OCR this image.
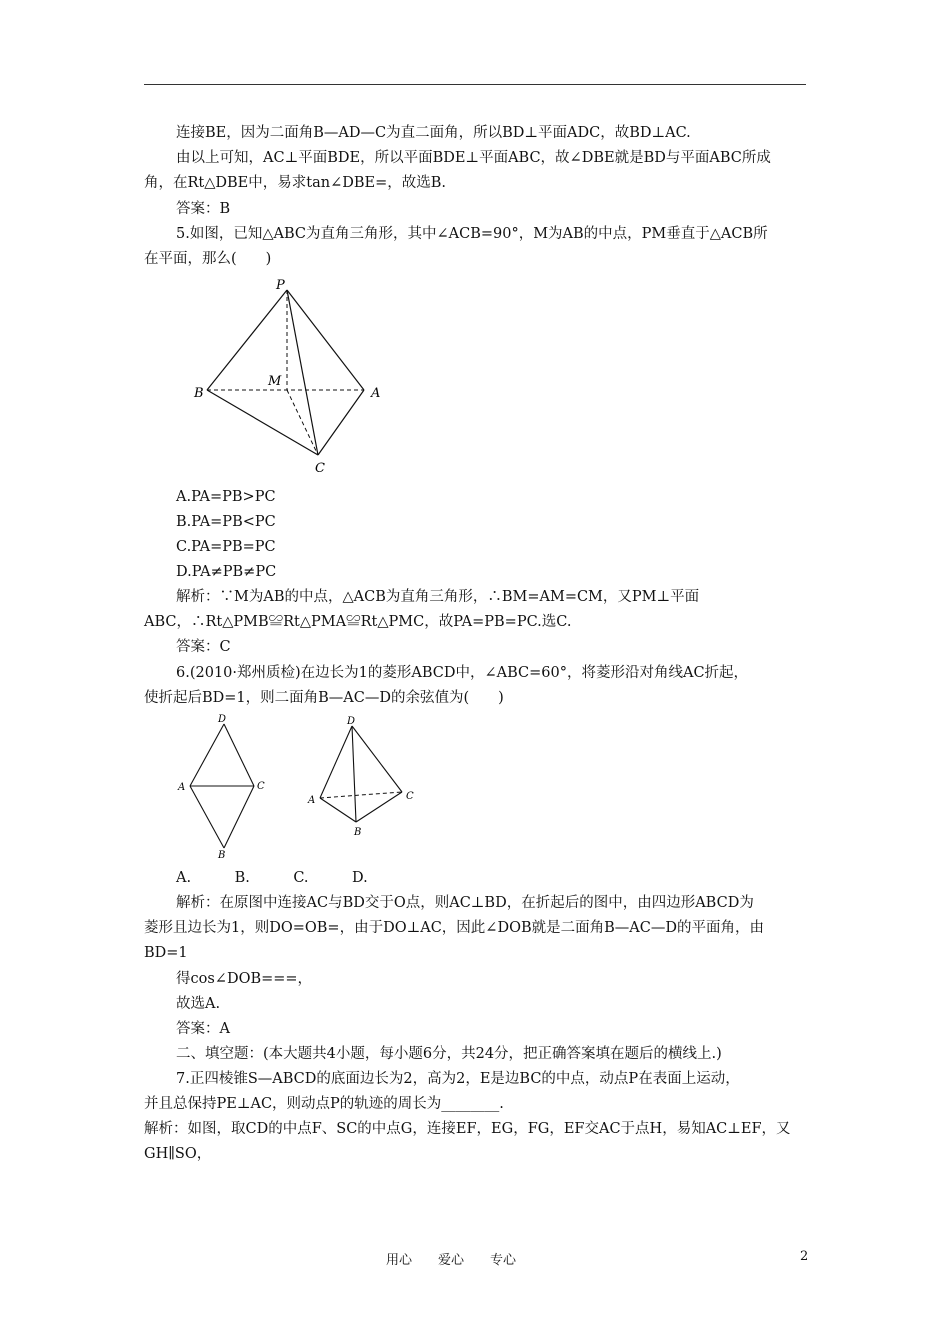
连接BE，因为二面角B—AD—C为直二面角，所以BD⊥平面ADC，故BD⊥AC.
由以上可知，AC⊥平面BDE，所以平面BDE⊥平面ABC，故∠DBE就是BD与平面ABC所成
角，在Rt△DBE中，易求tan∠DBE=，故选B.
答案：B
5.如图，已知△ABC为直角三角形，其中∠ACB=90°，M为AB的中点，PM垂直于△ACB所
在平面，那么(　　)
P
M
B	A
C
A.PA=PB>PC
B.PA=PB<PC
C.PA=PB=PC
D.PA≠PB≠PC
解析：∵M为AB的中点，△ACB为直角三角形，∴BM=AM=CM，又PM⊥平面
ABC，∴Rt△PMB≌Rt△PMA≌Rt△PMC，故PA=PB=PC.选C.
答案：C
6.(2010·郑州质检)在边长为1的菱形ABCD中，∠ABC=60°，将菱形沿对角线AC折起，
使折起后BD=1，则二面角B—AC—D的余弦值为(　　)
D
A	C
B
D
A	C
B
A.　　　B.　　　C.　　　D.
解析：在原图中连接AC与BD交于O点，则AC⊥BD，在折起后的图中，由四边形ABCD为
菱形且边长为1，则DO=OB=，由于DO⊥AC，因此∠DOB就是二面角B—AC—D的平面角，由
BD=1
得cos∠DOB===，
故选A.
答案：A
二、填空题：(本大题共4小题，每小题6分，共24分，把正确答案填在题后的横线上.)
7.正四棱锥S—ABCD的底面边长为2，高为2，E是边BC的中点，动点P在表面上运动，
并且总保持PE⊥AC，则动点P的轨迹的周长为________.
解析：如图，取CD的中点F、SC的中点G，连接EF，EG，FG，EF交AC于点H，易知AC⊥EF，又
GH∥SO，
用心　　爱心　　专心	2
